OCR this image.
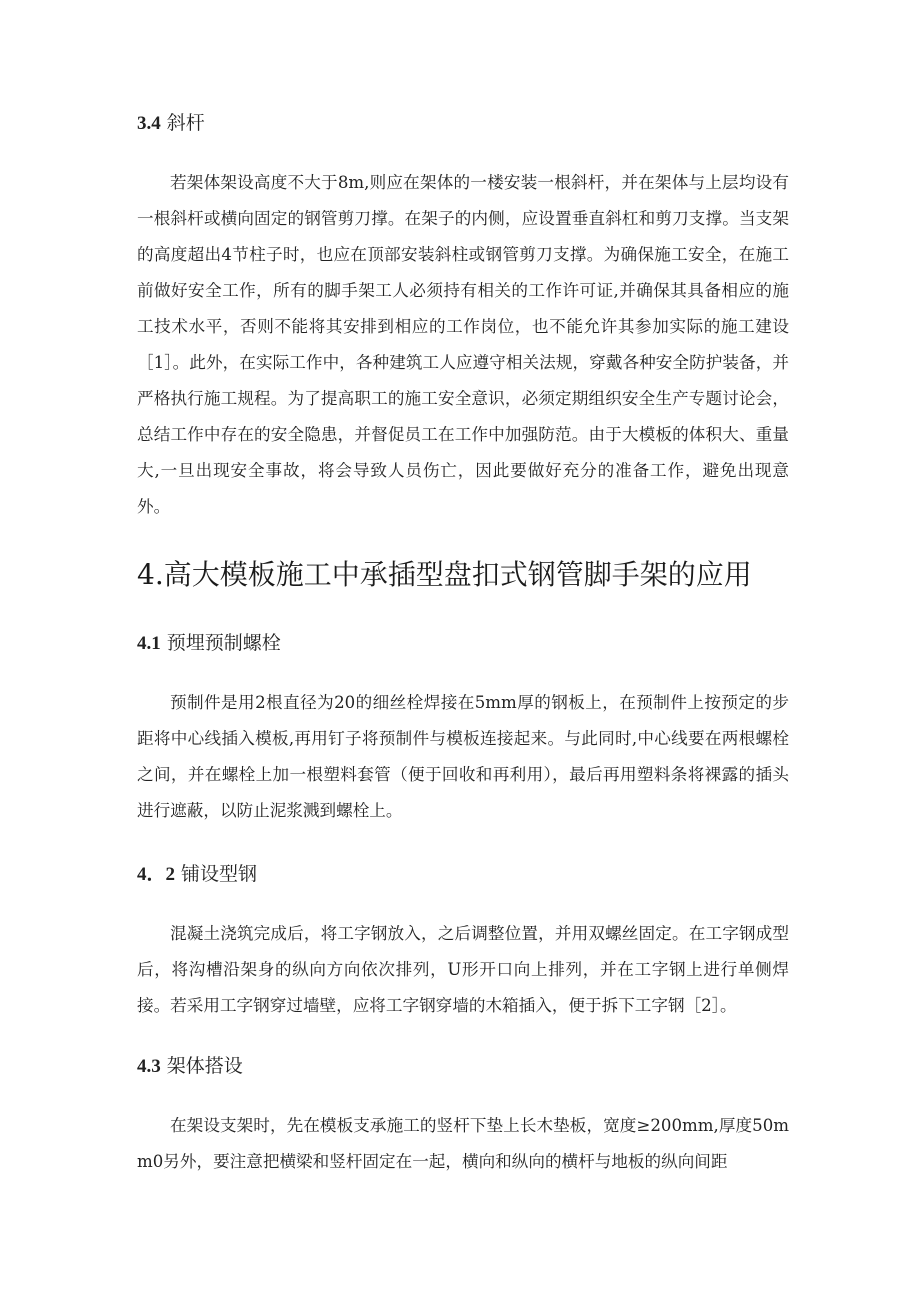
3.4 斜杆

若架体架设高度不大于8m,则应在架体的一楼安装一根斜杆，并在架体与上层均设有一根斜杆或横向固定的钢管剪刀撑。在架子的内侧，应设置垂直斜杠和剪刀支撑。当支架的高度超出4节柱子时，也应在顶部安装斜柱或钢管剪刀支撑。为确保施工安全，在施工前做好安全工作，所有的脚手架工人必须持有相关的工作许可证,并确保其具备相应的施工技术水平，否则不能将其安排到相应的工作岗位，也不能允许其参加实际的施工建设［1］。此外，在实际工作中，各种建筑工人应遵守相关法规，穿戴各种安全防护装备，并严格执行施工规程。为了提高职工的施工安全意识，必须定期组织安全生产专题讨论会，总结工作中存在的安全隐患，并督促员工在工作中加强防范。由于大模板的体积大、重量大,一旦出现安全事故，将会导致人员伤亡，因此要做好充分的准备工作，避免出现意外。

4.高大模板施工中承插型盘扣式钢管脚手架的应用
4.1 预埋预制螺栓

预制件是用2根直径为20的细丝栓焊接在5mm厚的钢板上，在预制件上按预定的步距将中心线插入模板,再用钉子将预制件与模板连接起来。与此同时,中心线要在两根螺栓之间，并在螺栓上加一根塑料套管（便于回收和再利用），最后再用塑料条将裸露的插头进行遮蔽，以防止泥浆溅到螺栓上。

4．2 铺设型钢

混凝土浇筑完成后，将工字钢放入，之后调整位置，并用双螺丝固定。在工字钢成型后，将沟槽沿架身的纵向方向依次排列，U形开口向上排列，并在工字钢上进行单侧焊接。若采用工字钢穿过墙壁，应将工字钢穿墙的木箱插入，便于拆下工字钢［2］。

4.3 架体搭设

在架设支架时，先在模板支承施工的竖杆下垫上长木垫板，宽度≥200mm,厚度50mm0另外，要注意把横梁和竖杆固定在一起，横向和纵向的横杆与地板的纵向间距
